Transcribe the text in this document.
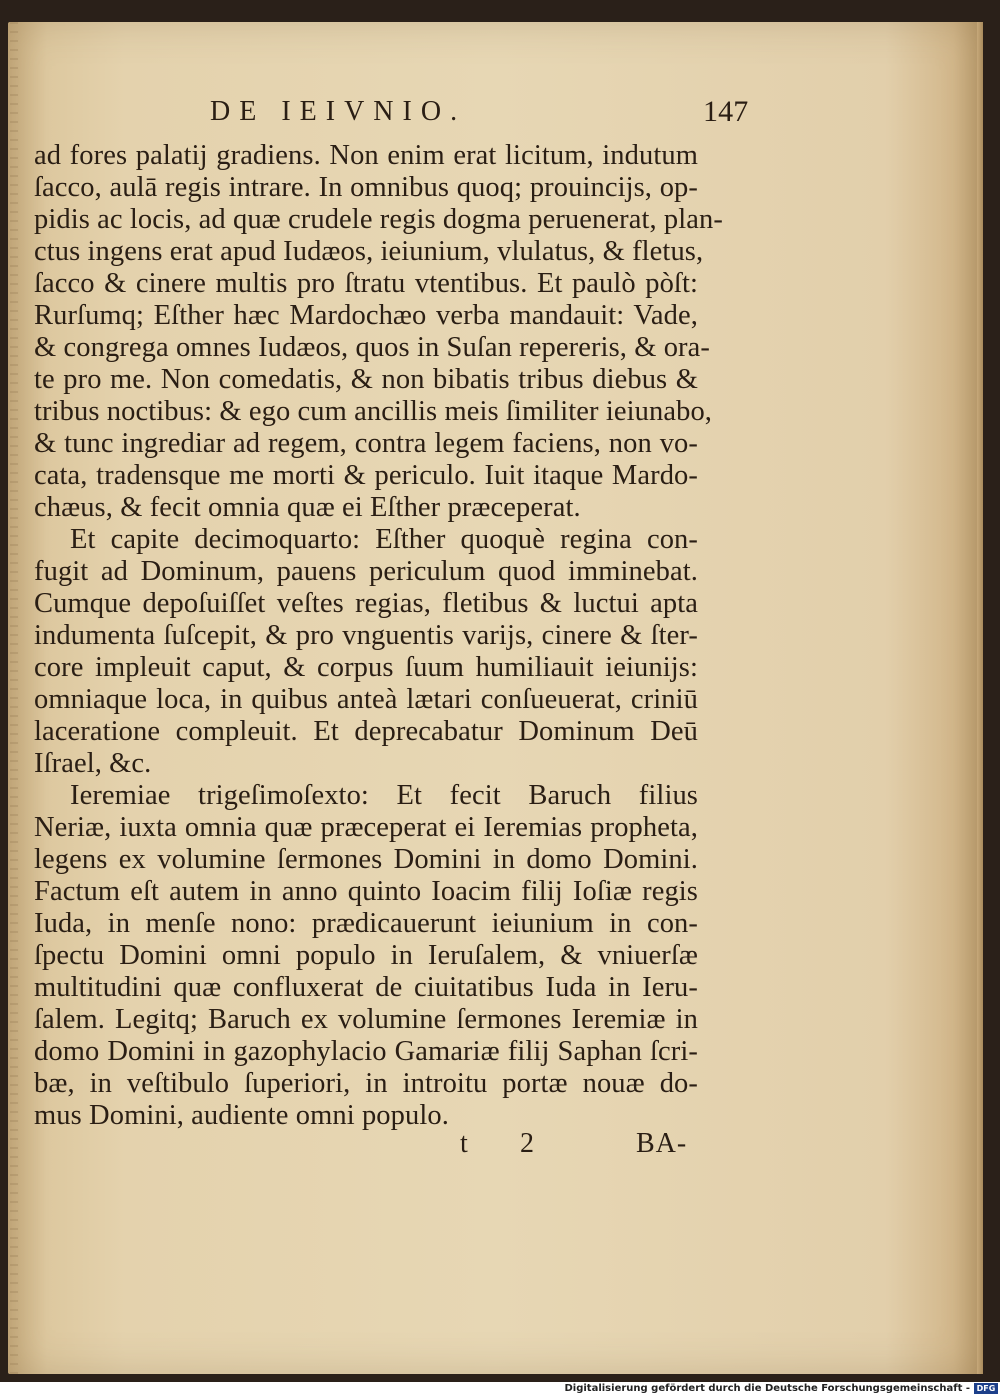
DE IEIVNIO.	147
ad fores palatij gradiens. Non enim erat licitum, indutum
ſacco, aulā regis intrare. In omnibus quoq; prouincijs, op-
pidis ac locis, ad quæ crudele regis dogma peruenerat, plan-
ctus ingens erat apud Iudæos, ieiunium, vlulatus, & fletus,
ſacco & cinere multis pro ſtratu vtentibus. Et paulò pòſt:
Rurſumq; Eſther hæc Mardochæo verba mandauit: Vade,
& congrega omnes Iudæos, quos in Suſan repereris, & ora-
te pro me. Non comedatis, & non bibatis tribus diebus &
tribus noctibus: & ego cum ancillis meis ſimiliter ieiunabo,
& tunc ingrediar ad regem, contra legem faciens, non vo-
cata, tradensque me morti & periculo. Iuit itaque Mardo-
chæus, & fecit omnia quæ ei Eſther præceperat.
Et capite decimoquarto: Eſther quoquè regina con-
fugit ad Dominum, pauens periculum quod imminebat.
Cumque depoſuiſſet veſtes regias, fletibus & luctui apta
indumenta ſuſcepit, & pro vnguentis varijs, cinere & ſter-
core impleuit caput, & corpus ſuum humiliauit ieiunijs:
omniaque loca, in quibus anteà lætari conſueuerat, criniū
laceratione compleuit. Et deprecabatur Dominum Deū
Iſrael, &c.
Ieremiae trigeſimoſexto: Et fecit Baruch filius
Neriæ, iuxta omnia quæ præceperat ei Ieremias propheta,
legens ex volumine ſermones Domini in domo Domini.
Factum eſt autem in anno quinto Ioacim filij Ioſiæ regis
Iuda, in menſe nono: prædicauerunt ieiunium in con-
ſpectu Domini omni populo in Ieruſalem, & vniuerſæ
multitudini quæ confluxerat de ciuitatibus Iuda in Ieru-
ſalem. Legitq; Baruch ex volumine ſermones Ieremiæ in
domo Domini in gazophylacio Gamariæ filij Saphan ſcri-
bæ, in veſtibulo ſuperiori, in introitu portæ nouæ do-
mus Domini, audiente omni populo.
t 2	BA-
Digitalisierung gefördert durch die Deutsche Forschungsgemeinschaft - DFG
